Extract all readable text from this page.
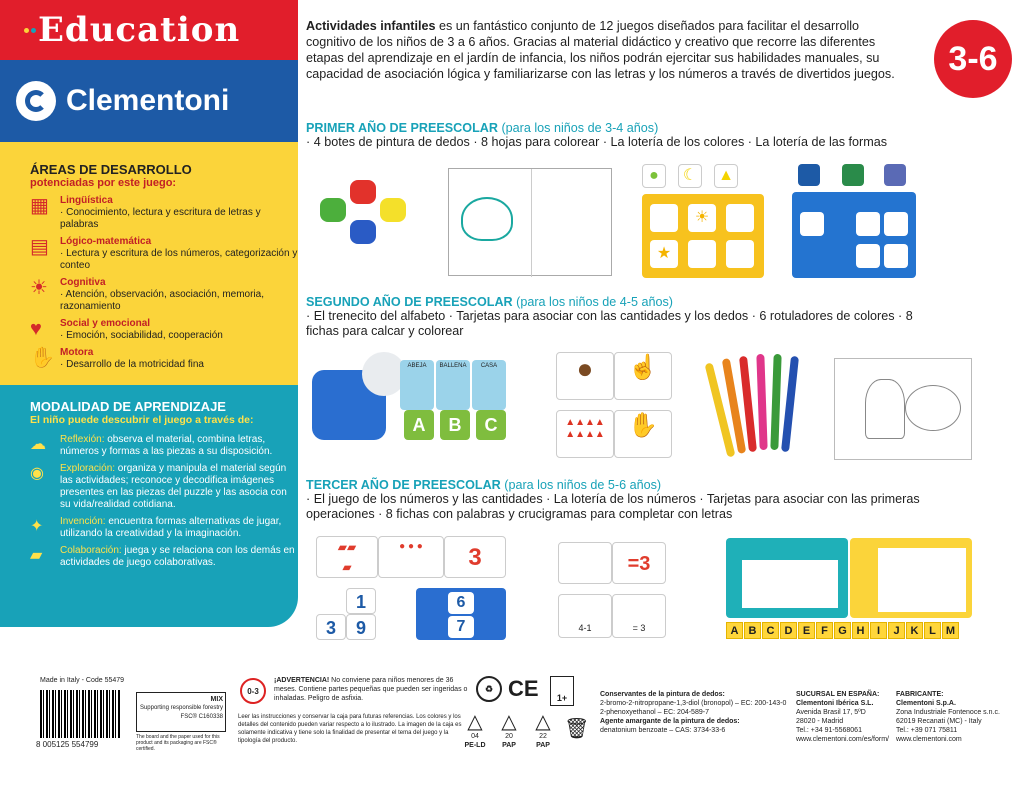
Education
Clementoni
ÁREAS DE DESARROLLO
potenciadas por este juego:
▦	Lingüística
· Conocimiento, lectura y escritura de letras y palabras
▤	Lógico-matemática
· Lectura y escritura de los números, categorización y conteo
☀	Cognitiva
· Atención, observación, asociación, memoria, razonamiento
♥	Social y emocional
· Emoción, sociabilidad, cooperación
✋ Motora
· Desarrollo de la motricidad fina
MODALIDAD DE APRENDIZAJE
El niño puede descubrir el juego a través de:
☁	Reflexión: observa el material, combina letras, números y formas a las piezas a su disposición.
◉	Exploración: organiza y manipula el material según las actividades; reconoce y decodifica imágenes presentes en las piezas del puzzle y las asocia con su vida/realidad cotidiana.
✦	Invención: encuentra formas alternativas de jugar, utilizando la creatividad y la imaginación.
▰	Colaboración: juega y se relaciona con los demás en actividades de juego colaborativas.
Actividades infantiles es un fantástico conjunto de 12 juegos diseñados para facilitar el desarrollo cognitivo de los niños de 3 a 6 años. Gracias al material didáctico y creativo que recorre las diferentes etapas del aprendizaje en el jardín de infancia, los niños podrán ejercitar sus habilidades manuales, su capacidad de asociación lógica y familiarizarse con las letras y los números a través de divertidos juegos.	3-6
PRIMER AÑO DE PREESCOLAR (para los niños de 3-4 años)

· 4 botes de pintura de dedos · 8 hojas para colorear · La lotería de los colores · La lotería de las formas

●	☾	▲
☀
★
SEGUNDO AÑO DE PREESCOLAR (para los niños de 4-5 años)

· El trenecito del alfabeto · Tarjetas para asociar con las cantidades y los dedos · 6 rotuladores de colores · 8 fichas para calcar y colorear

ABEJA	BALLENA	CASA
A	B	C
●	☝
▲▲▲▲
▲▲▲▲ ✋
TERCER AÑO DE PREESCOLAR (para los niños de 5-6 años)

· El juego de los números y las cantidades · La lotería de los números · Tarjetas para asociar con las primeras operaciones · 8 fichas con palabras y crucigramas para completar con letras

▰▰
▰
● ● ●	3
1
3	9
6
7
=3
4-1	= 3	A B C D E F G H	I	J K L M
Made in Italy - Code 55479
MIX
Supporting responsible forestry
FSC® C160338
The board and the paper used for this product and its packaging are FSC® certified.
8 005125 554799
0-3
¡ADVERTENCIA! No conviene para niños menores de 36 meses. Contiene partes pequeñas que pueden ser ingeridas o inhaladas. Peligro de asfixia.
Leer las instrucciones y conservar la caja para futuras referencias. Los colores y los detalles del contenido pueden variar respecto a lo ilustrado. La imagen de la caja es solamente indicativa y tiene solo la finalidad de presentar el tema del juego y la tipología del producto.
♻ CE	1+
△
04
PE-LD
△
20
PAP
△
22
PAP
🗑
Conservantes de la pintura de dedos:
2-bromo-2-nitropropane-1,3-diol (bronopol) – EC: 200-143-0
2-phenoxyethanol – EC: 204-589-7
Agente amargante de la pintura de dedos:
denatonium benzoate – CAS: 3734-33-6
SUCURSAL EN ESPAÑA:
Clementoni Ibérica S.L.
Avenida Brasil 17, 5ºD
28020 - Madrid
Tel.: +34 91-5568061
www.clementoni.com/es/form/
FABRICANTE:
Clementoni S.p.A.
Zona Industriale Fontenoce s.n.c.
62019 Recanati (MC) - Italy
Tel.: +39 071 75811
www.clementoni.com
